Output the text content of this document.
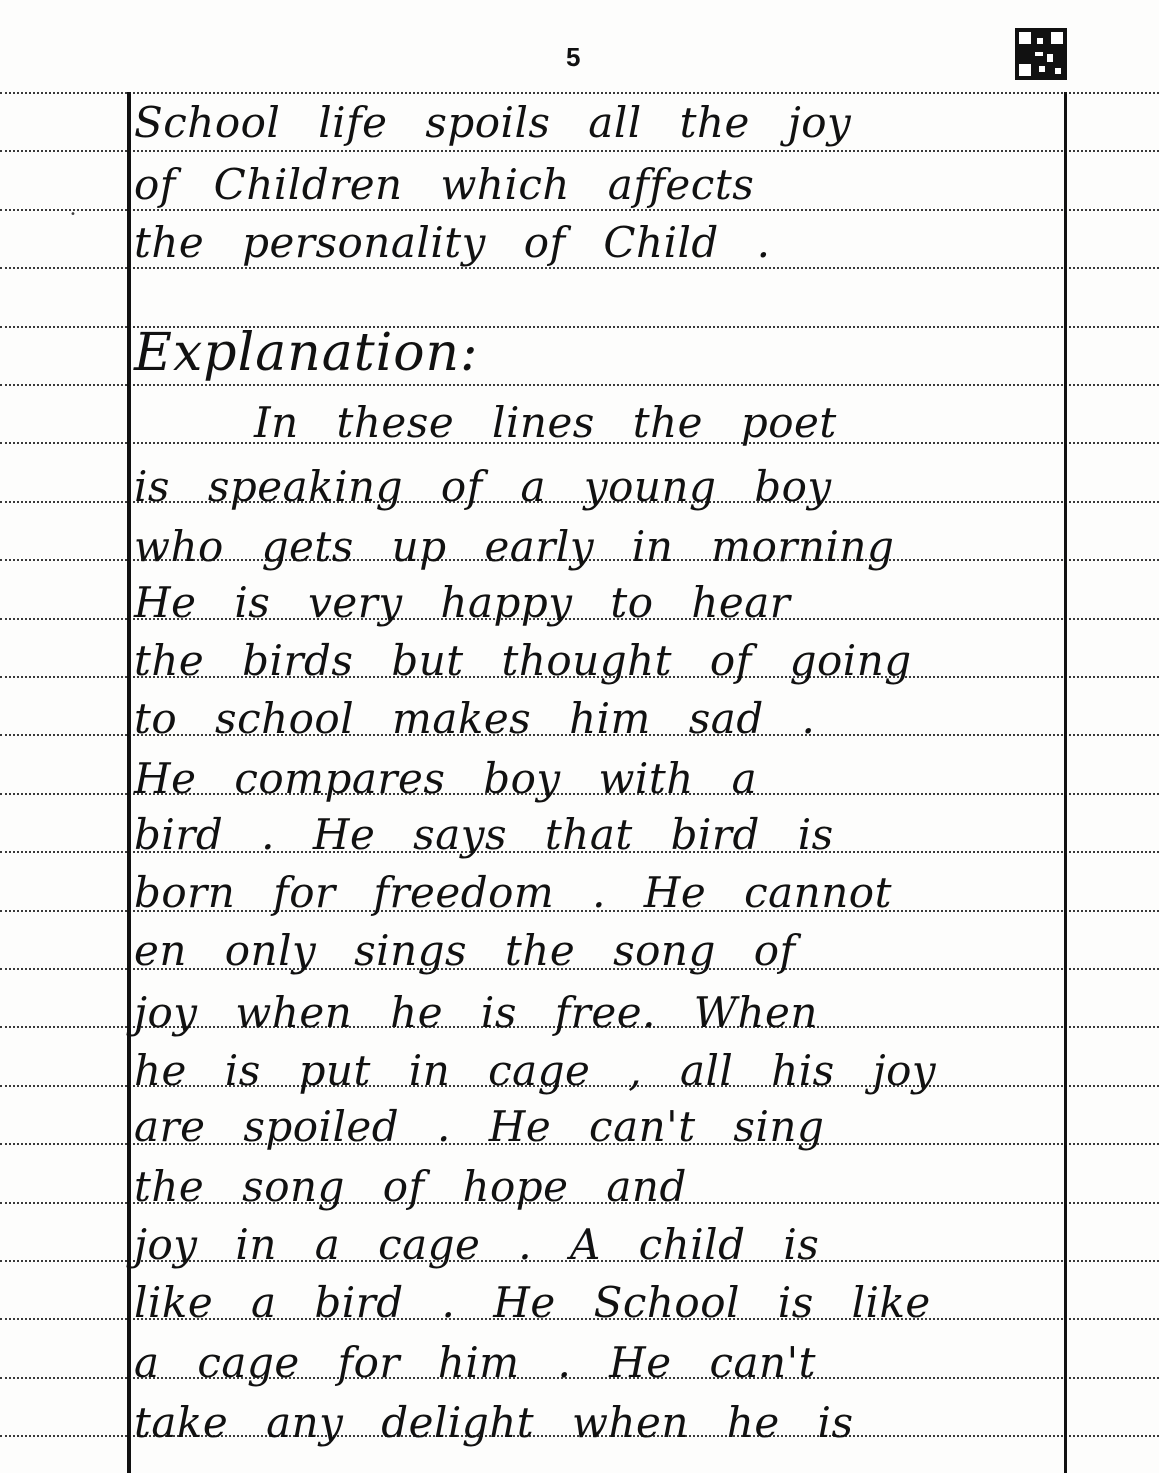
5
•
School life spoils all the joy
of Children which affects
the personality of Child .
Explanation:
In these lines the poet
is speaking of a young boy
who gets up early in morning
He is very happy to hear
the birds but thought of going
to school makes him sad .
He compares boy with a
bird . He says that bird is
born for freedom . He cannot
en only sings the song of
joy when he is free. When
he is put in cage , all his joy
are spoiled . He can't sing
the song of hope and
joy in a cage . A child is
like a bird . He School is like
a cage for him . He can't
take any delight when he is
